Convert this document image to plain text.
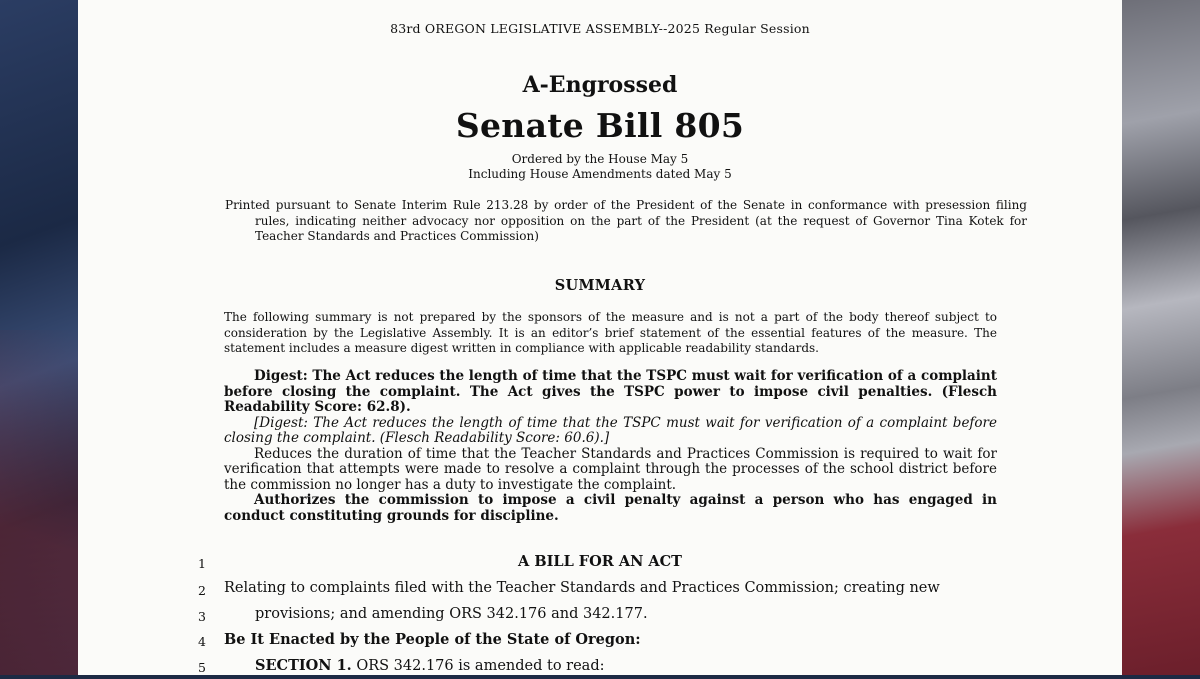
83rd OREGON LEGISLATIVE ASSEMBLY--2025 Regular Session
A-Engrossed
Senate Bill 805
Ordered by the House May 5
Including House Amendments dated May 5
Printed pursuant to Senate Interim Rule 213.28 by order of the President of the Senate in conformance with presession filing rules, indicating neither advocacy nor opposition on the part of the President (at the request of Governor Tina Kotek for Teacher Standards and Practices Commission)
SUMMARY
The following summary is not prepared by the sponsors of the measure and is not a part of the body thereof subject to consideration by the Legislative Assembly. It is an editor’s brief statement of the essential features of the measure. The statement includes a measure digest written in compliance with applicable readability standards.

Digest: The Act reduces the length of time that the TSPC must wait for verification of a complaint before closing the complaint. The Act gives the TSPC power to impose civil penalties. (Flesch Readability Score: 62.8).

[Digest: The Act reduces the length of time that the TSPC must wait for verification of a complaint before closing the complaint. (Flesch Readability Score: 60.6).]

Reduces the duration of time that the Teacher Standards and Practices Commission is required to wait for verification that attempts were made to resolve a complaint through the processes of the school district before the commission no longer has a duty to investigate the complaint.

Authorizes the commission to impose a civil penalty against a person who has engaged in conduct constituting grounds for discipline.

1	A BILL FOR AN ACT
2 Relating to complaints filed with the Teacher Standards and Practices Commission; creating new
3	provisions; and amending ORS 342.176 and 342.177.
4 Be It Enacted by the People of the State of Oregon:
5	SECTION 1. ORS 342.176 is amended to read:
